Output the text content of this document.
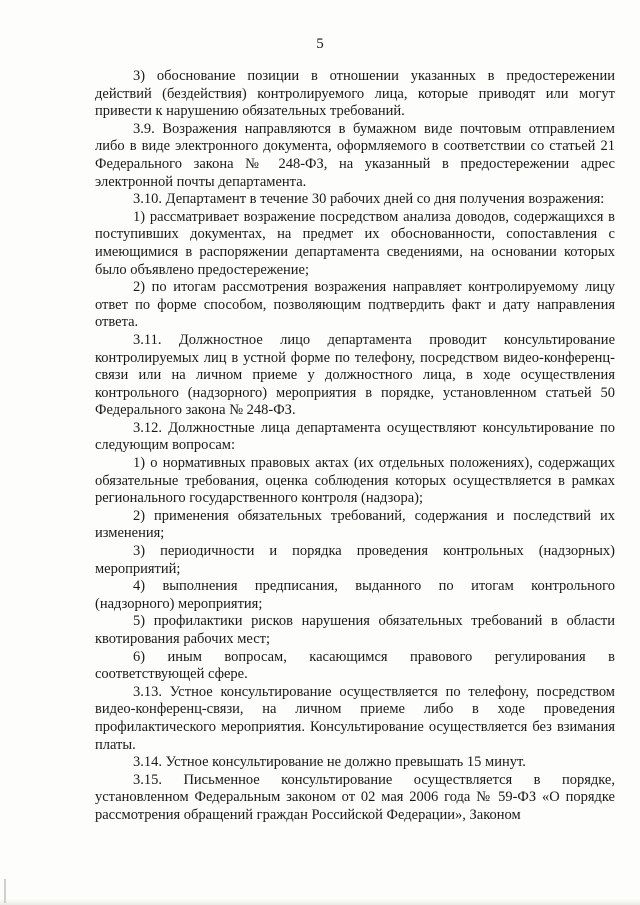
5

3) обоснование позиции в отношении указанных в предостережении действий (бездействия) контролируемого лица, которые приводят или могут привести к нарушению обязательных требований.

3.9. Возражения направляются в бумажном виде почтовым отправлением либо в виде электронного документа, оформляемого в соответствии со статьей 21 Федерального закона № 248-ФЗ, на указанный в предостережении адрес электронной почты департамента.

3.10. Департамент в течение 30 рабочих дней со дня получения возражения:

1) рассматривает возражение посредством анализа доводов, содержащихся в поступивших документах, на предмет их обоснованности, сопоставления с имеющимися в распоряжении департамента сведениями, на основании которых было объявлено предостережение;

2) по итогам рассмотрения возражения направляет контролируемому лицу ответ по форме способом, позволяющим подтвердить факт и дату направления ответа.

3.11. Должностное лицо департамента проводит консультирование контролируемых лиц в устной форме по телефону, посредством видео-конференц-связи или на личном приеме у должностного лица, в ходе осуществления контрольного (надзорного) мероприятия в порядке, установленном статьей 50 Федерального закона № 248-ФЗ.

3.12. Должностные лица департамента осуществляют консультирование по следующим вопросам:

1) о нормативных правовых актах (их отдельных положениях), содержащих обязательные требования, оценка соблюдения которых осуществляется в рамках регионального государственного контроля (надзора);

2) применения обязательных требований, содержания и последствий их изменения;

3) периодичности и порядка проведения контрольных (надзорных) мероприятий;

4) выполнения предписания, выданного по итогам контрольного (надзорного) мероприятия;

5) профилактики рисков нарушения обязательных требований в области квотирования рабочих мест;

6) иным вопросам, касающимся правового регулирования в соответствующей сфере.

3.13. Устное консультирование осуществляется по телефону, посредством видео-конференц-связи, на личном приеме либо в ходе проведения профилактического мероприятия. Консультирование осуществляется без взимания платы.

3.14. Устное консультирование не должно превышать 15 минут.

3.15. Письменное консультирование осуществляется в порядке, установленном Федеральным законом от 02 мая 2006 года № 59-ФЗ «О порядке рассмотрения обращений граждан Российской Федерации», Законом
